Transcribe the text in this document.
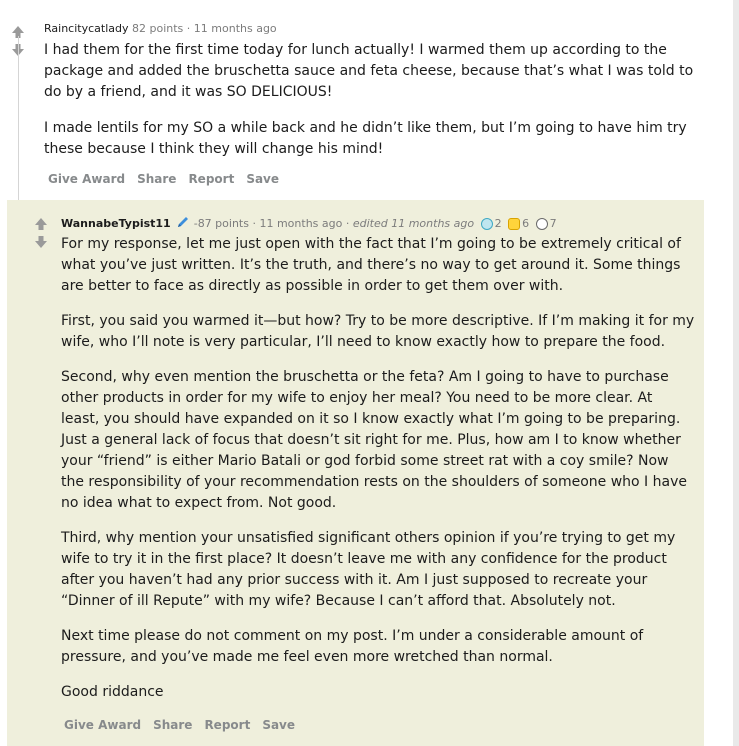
Raincitycatlady 82 points · 11 months ago

I had them for the first time today for lunch actually! I warmed them up according to the package and added the bruschetta sauce and feta cheese, because that’s what I was told to do by a friend, and it was SO DELICIOUS!

I made lentils for my SO a while back and he didn’t like them, but I’m going to have him try these because I think they will change his mind!

Give Award Share Report Save
WannabeTypist11 -87 points · 11 months ago · edited 11 months ago 2 6 7

For my response, let me just open with the fact that I’m going to be extremely critical of what you’ve just written. It’s the truth, and there’s no way to get around it. Some things are better to face as directly as possible in order to get them over with.

First, you said you warmed it—but how? Try to be more descriptive. If I’m making it for my wife, who I’ll note is very particular, I’ll need to know exactly how to prepare the food.

Second, why even mention the bruschetta or the feta? Am I going to have to purchase other products in order for my wife to enjoy her meal? You need to be more clear. At least, you should have expanded on it so I know exactly what I’m going to be preparing. Just a general lack of focus that doesn’t sit right for me. Plus, how am I to know whether your “friend” is either Mario Batali or god forbid some street rat with a coy smile? Now the responsibility of your recommendation rests on the shoulders of someone who I have no idea what to expect from. Not good.

Third, why mention your unsatisfied significant others opinion if you’re trying to get my wife to try it in the first place? It doesn’t leave me with any confidence for the product after you haven’t had any prior success with it. Am I just supposed to recreate your “Dinner of ill Repute” with my wife? Because I can’t afford that. Absolutely not.

Next time please do not comment on my post. I’m under a considerable amount of pressure, and you’ve made me feel even more wretched than normal.

Good riddance

Give Award Share Report Save
